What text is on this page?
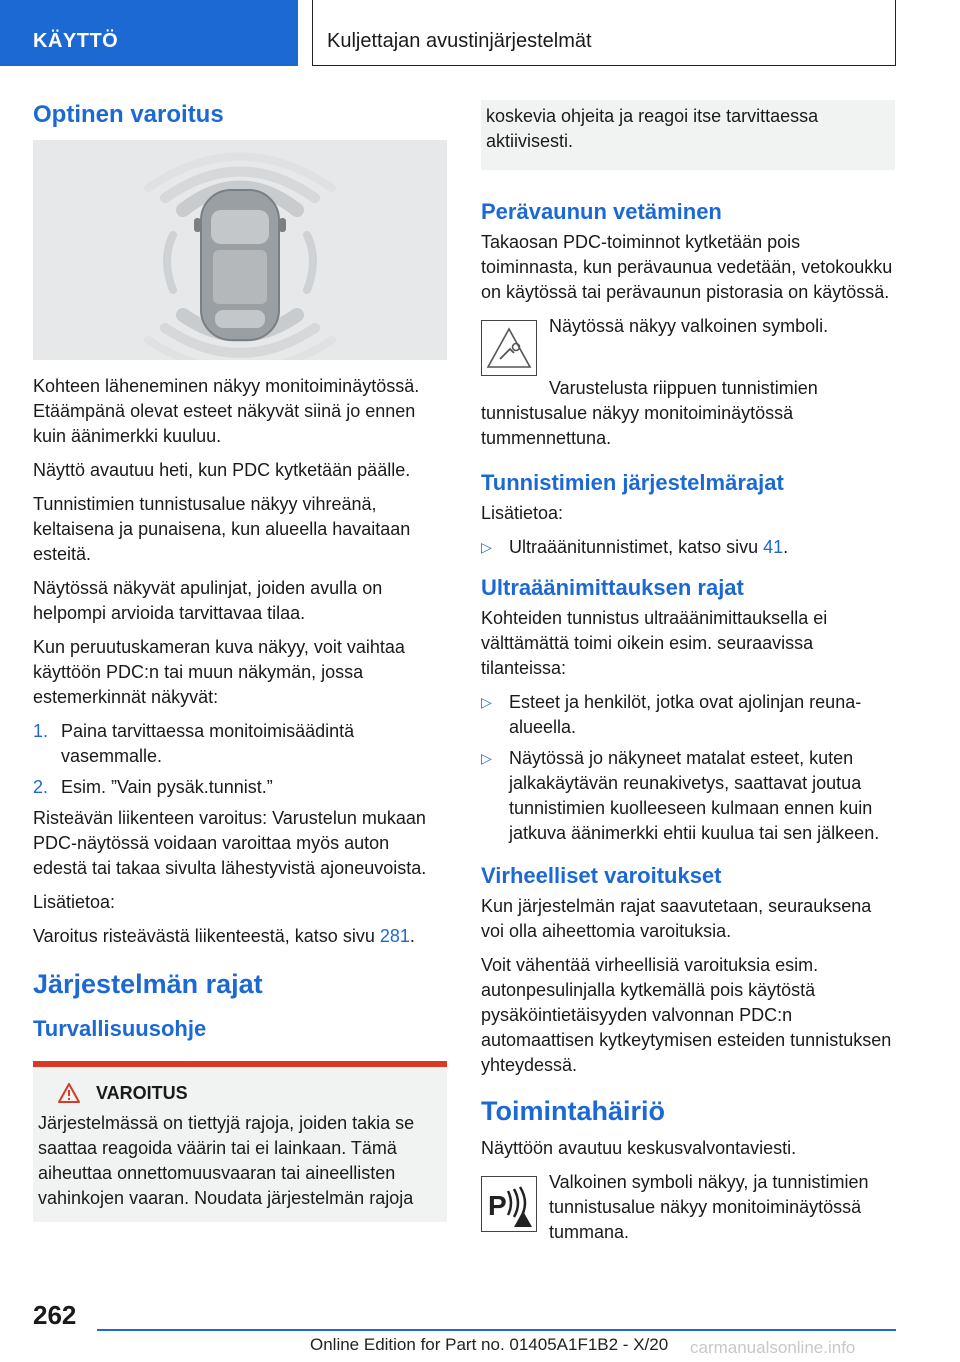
KÄYTTÖ	Kuljettajan avustinjärjestelmät
Optinen varoitus

Kohteen läheneminen näkyy monitoiminäytössä. Etäämpänä olevat esteet näkyvät siinä jo ennen kuin äänimerkki kuuluu.

Näyttö avautuu heti, kun PDC kytketään päälle.

Tunnistimien tunnistusalue näkyy vihreänä, keltaisena ja punaisena, kun alueella havaitaan esteitä.

Näytössä näkyvät apulinjat, joiden avulla on helpompi arvioida tarvittavaa tilaa.

Kun peruutuskameran kuva näkyy, voit vaihtaa käyttöön PDC:n tai muun näkymän, jossa estemerkinnät näkyvät:

1. Paina tarvittaessa monitoimisäädintä vasemmalle.
2. Esim. ”Vain pysäk.tunnist.”

Risteävän liikenteen varoitus: Varustelun mukaan PDC-näytössä voidaan varoittaa myös auton edestä tai takaa sivulta lähestyvistä ajoneuvoista.

Lisätietoa:

Varoitus risteävästä liikenteestä, katso sivu 281.

Järjestelmän rajat
Turvallisuusohje
VAROITUS

Järjestelmässä on tiettyjä rajoja, joiden takia se saattaa reagoida väärin tai ei lainkaan. Tämä aiheuttaa onnettomuusvaaran tai aineellisten vahinkojen vaaran. Noudata järjestelmän rajoja

koskevia ohjeita ja reagoi itse tarvittaessa aktiivisesti.

Perävaunun vetäminen

Takaosan PDC-toiminnot kytketään pois toiminnasta, kun perävaunua vedetään, vetokoukku on käytössä tai perävaunun pistorasia on käytössä.

Näytössä näkyy valkoinen symboli.

Varustelusta riippuen tunnistimien tunnistusalue näkyy monitoiminäytössä tummennettuna.

Tunnistimien järjestelmärajat

Lisätietoa:

▷ Ultraäänitunnistimet, katso sivu 41.
Ultraäänimittauksen rajat

Kohteiden tunnistus ultraäänimittauksella ei välttämättä toimi oikein esim. seuraavissa tilanteissa:

▷ Esteet ja henkilöt, jotka ovat ajolinjan reuna-alueella.
▷ Näytössä jo näkyneet matalat esteet, kuten jalkakäytävän reunakivetys, saattavat joutua tunnistimien kuolleeseen kulmaan ennen kuin jatkuva äänimerkki ehtii kuulua tai sen jälkeen.
Virheelliset varoitukset

Kun järjestelmän rajat saavutetaan, seurauksena voi olla aiheettomia varoituksia.

Voit vähentää virheellisiä varoituksia esim. autonpesulinjalla kytkemällä pois käytöstä pysäköintietäisyyden valvonnan PDC:n automaattisen kytkeytymisen esteiden tunnistuksen yhteydessä.

Toimintahäiriö

Näyttöön avautuu keskusvalvontaviesti.

P

Valkoinen symboli näkyy, ja tunnistimien tunnistusalue näkyy monitoiminäytössä tummana.

262
Online Edition for Part no. 01405A1F1B2 - X/20 carmanualsonline.info
